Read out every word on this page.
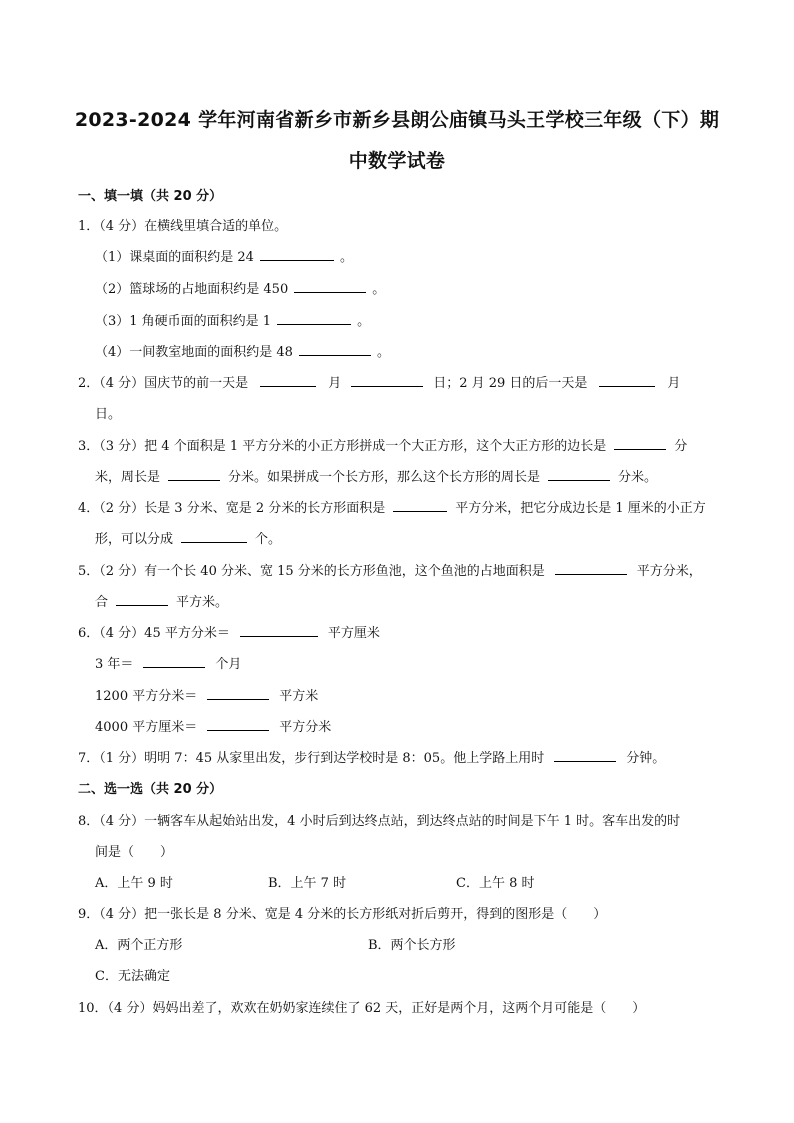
2023-2024 学年河南省新乡市新乡县朗公庙镇马头王学校三年级（下）期
中数学试卷
一、填一填（共 20 分）
1．（4 分）在横线里填合适的单位。
（1）课桌面的面积约是 24	。
（2）篮球场的占地面积约是 450	。
（3）1 角硬币面的面积约是 1	。
（4）一间教室地面的面积约是 48	。
2．（4 分）国庆节的前一天是	月	日；2 月 29 日的后一天是	月
日。
3．（3 分）把 4 个面积是 1 平方分米的小正方形拼成一个大正方形，这个大正方形的边长是	分
米，周长是	分米。如果拼成一个长方形，那么这个长方形的周长是	分米。
4．（2 分）长是 3 分米、宽是 2 分米的长方形面积是	平方分米，把它分成边长是 1 厘米的小正方
形，可以分成	个。
5．（2 分）有一个长 40 分米、宽 15 分米的长方形鱼池，这个鱼池的占地面积是	平方分米，
合	平方米。
6．（4 分）45 平方分米＝	平方厘米
3 年＝	个月
1200 平方分米＝	平方米
4000 平方厘米＝	平方分米
7．（1 分）明明 7：45 从家里出发，步行到达学校时是 8：05。他上学路上用时	分钟。
二、选一选（共 20 分）
8．（4 分）一辆客车从起始站出发，4 小时后到达终点站，到达终点站的时间是下午 1 时。客车出发的时
间是（　　）
A．上午 9 时	B．上午 7 时	C．上午 8 时
9．（4 分）把一张长是 8 分米、宽是 4 分米的长方形纸对折后剪开，得到的图形是（　　）
A．两个正方形	B．两个长方形
C．无法确定
10．（4 分）妈妈出差了，欢欢在奶奶家连续住了 62 天，正好是两个月，这两个月可能是（　　）
